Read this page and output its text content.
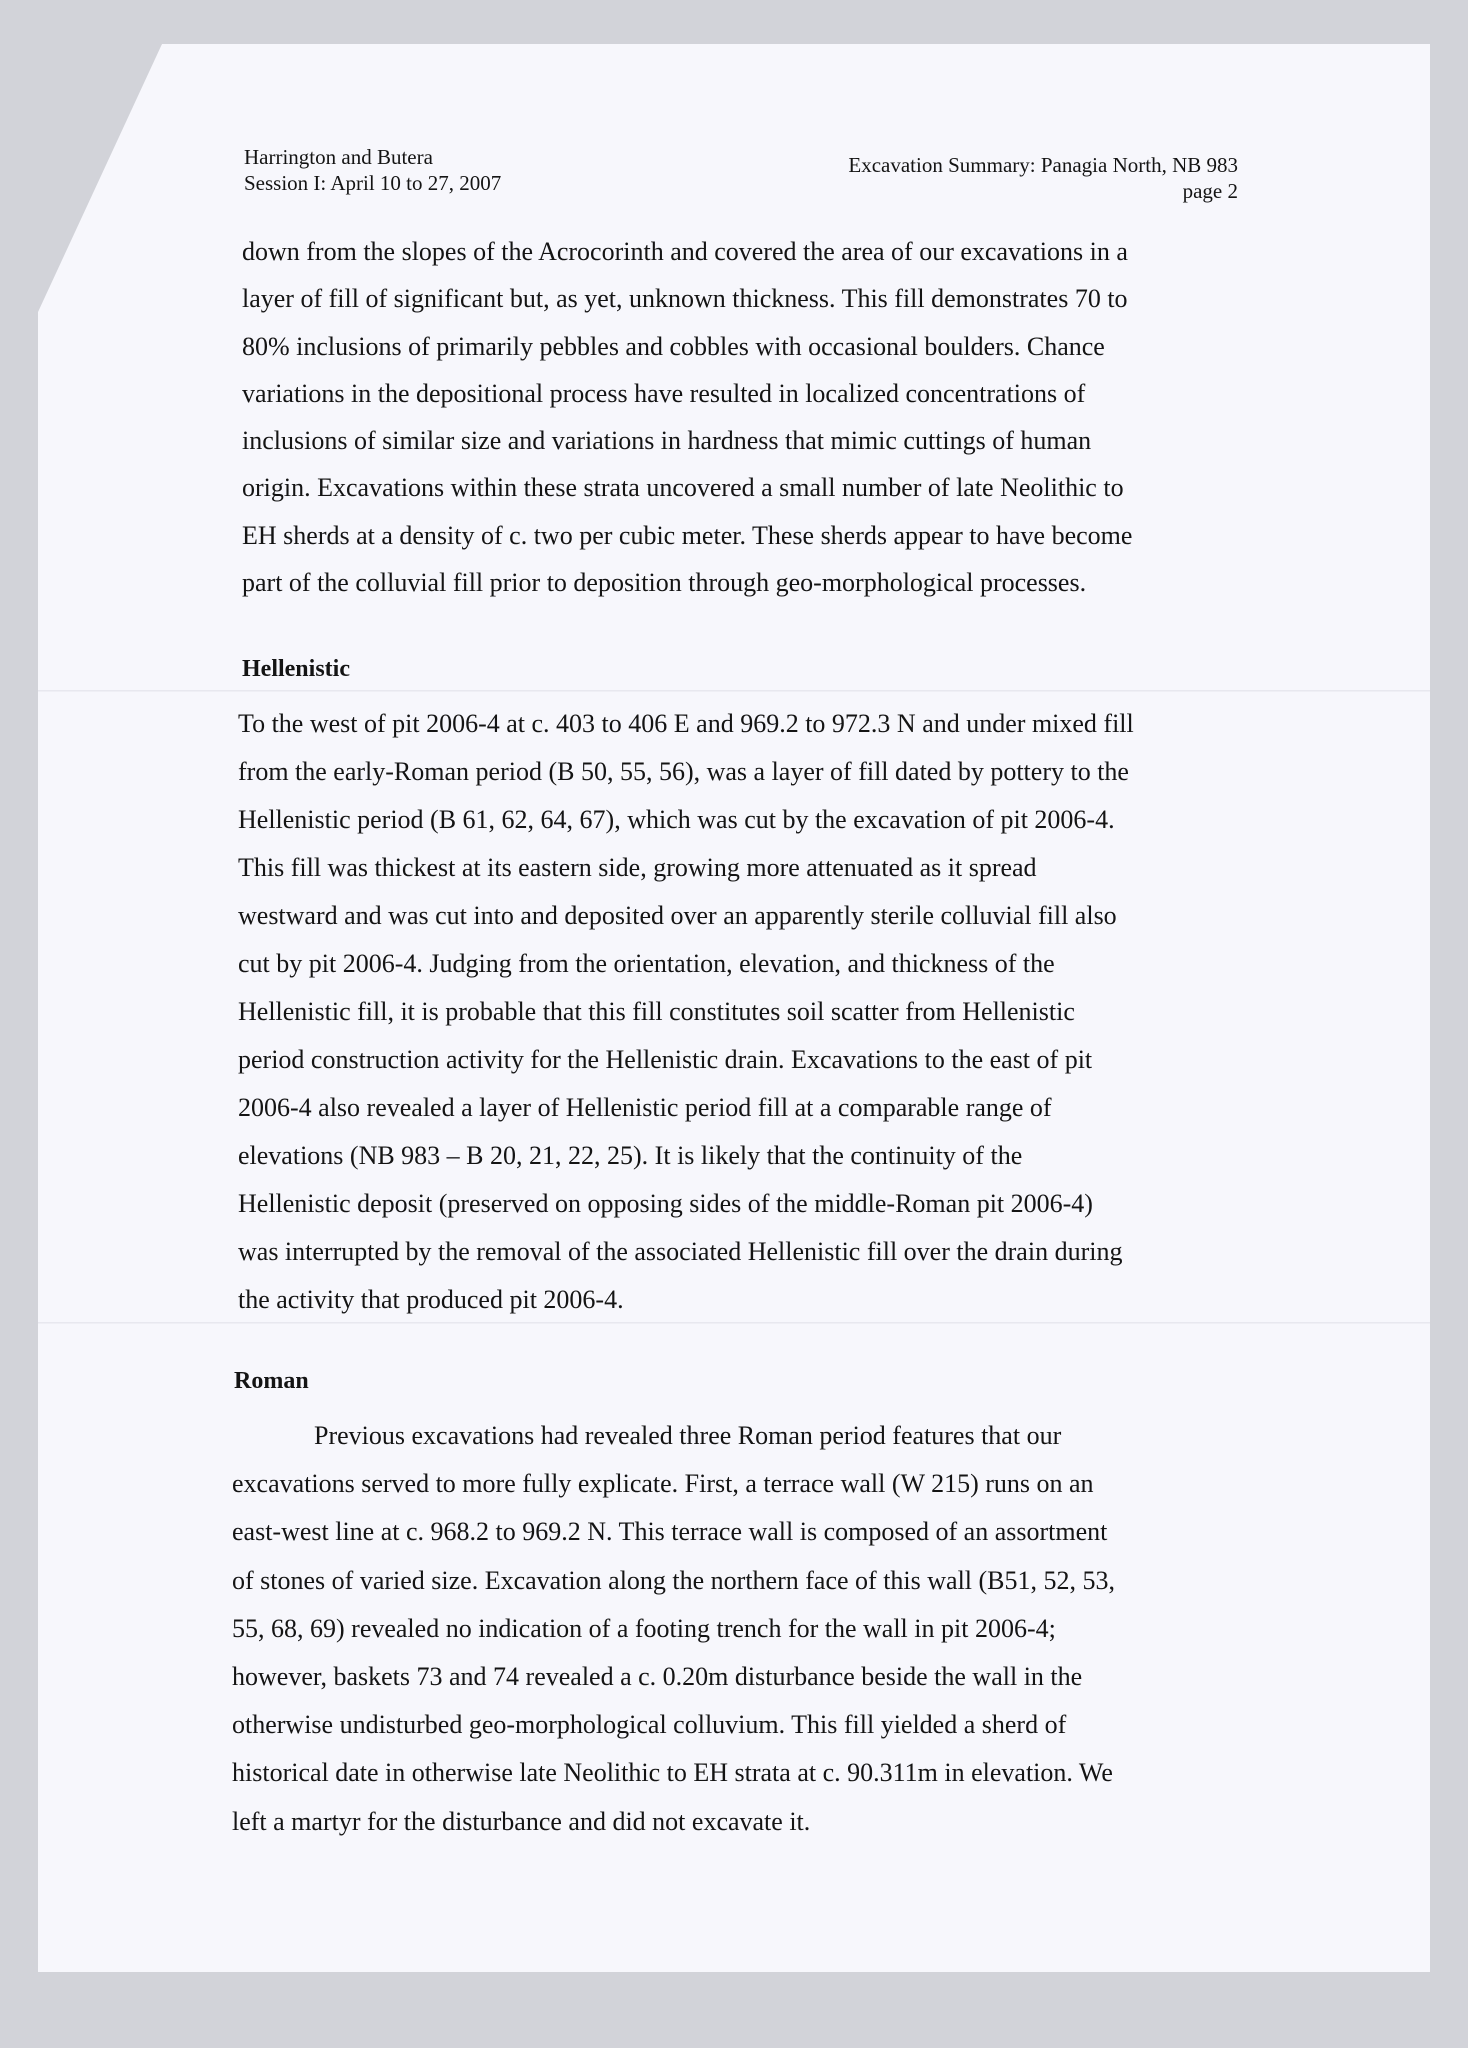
Harrington and Butera
Session I: April 10 to 27, 2007
Excavation Summary: Panagia North, NB 983
page 2
down from the slopes of the Acrocorinth and covered the area of our excavations in a
layer of fill of significant but, as yet, unknown thickness. This fill demonstrates 70 to
80% inclusions of primarily pebbles and cobbles with occasional boulders. Chance
variations in the depositional process have resulted in localized concentrations of
inclusions of similar size and variations in hardness that mimic cuttings of human
origin. Excavations within these strata uncovered a small number of late Neolithic to
EH sherds at a density of c. two per cubic meter. These sherds appear to have become
part of the colluvial fill prior to deposition through geo-morphological processes.
Hellenistic
To the west of pit 2006-4 at c. 403 to 406 E and 969.2 to 972.3 N and under mixed fill
from the early-Roman period (B 50, 55, 56), was a layer of fill dated by pottery to the
Hellenistic period (B 61, 62, 64, 67), which was cut by the excavation of pit 2006-4.
This fill was thickest at its eastern side, growing more attenuated as it spread
westward and was cut into and deposited over an apparently sterile colluvial fill also
cut by pit 2006-4. Judging from the orientation, elevation, and thickness of the
Hellenistic fill, it is probable that this fill constitutes soil scatter from Hellenistic
period construction activity for the Hellenistic drain. Excavations to the east of pit
2006-4 also revealed a layer of Hellenistic period fill at a comparable range of
elevations (NB 983 – B 20, 21, 22, 25). It is likely that the continuity of the
Hellenistic deposit (preserved on opposing sides of the middle-Roman pit 2006-4)
was interrupted by the removal of the associated Hellenistic fill over the drain during
the activity that produced pit 2006-4.
Roman
Previous excavations had revealed three Roman period features that our
excavations served to more fully explicate. First, a terrace wall (W 215) runs on an
east-west line at c. 968.2 to 969.2 N. This terrace wall is composed of an assortment
of stones of varied size. Excavation along the northern face of this wall (B51, 52, 53,
55, 68, 69) revealed no indication of a footing trench for the wall in pit 2006-4;
however, baskets 73 and 74 revealed a c. 0.20m disturbance beside the wall in the
otherwise undisturbed geo-morphological colluvium. This fill yielded a sherd of
historical date in otherwise late Neolithic to EH strata at c. 90.311m in elevation. We
left a martyr for the disturbance and did not excavate it.
